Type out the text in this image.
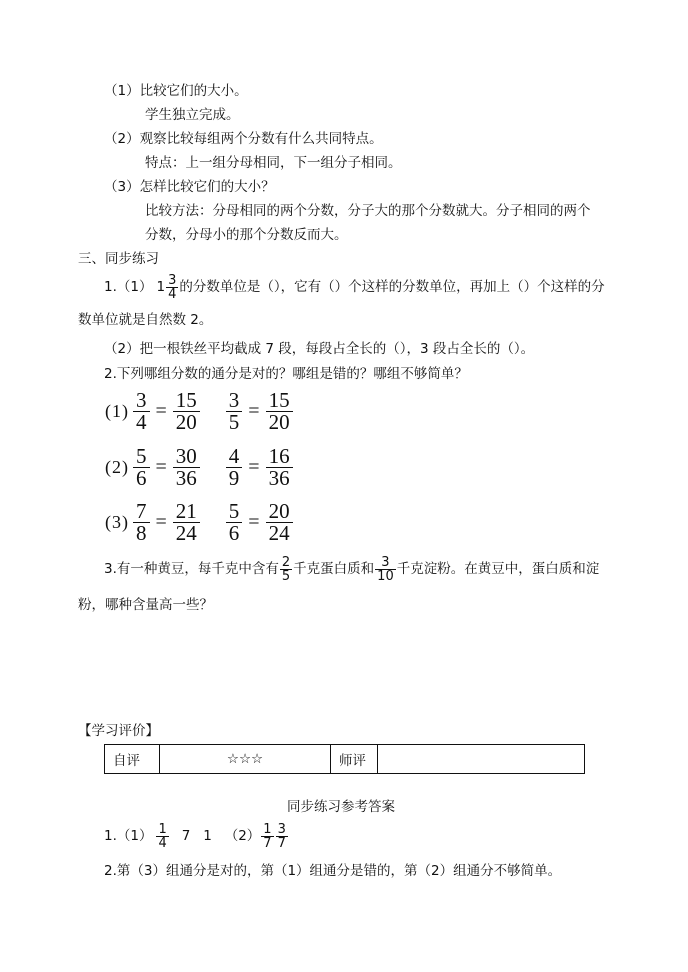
（1）比较它们的大小。
学生独立完成。
（2）观察比较每组两个分数有什么共同特点。
特点：上一组分母相同，下一组分子相同。
（3）怎样比较它们的大小？
比较方法：分母相同的两个分数，分子大的那个分数就大。分子相同的两个
分数，分母小的那个分数反而大。
三、同步练习
1.（1） $1 \frac{3}{4}$ 的分数单位是（），它有（）个这样的分数单位，再加上（）个这样的分
数单位就是自然数 2。
（2）把一根铁丝平均截成 7 段，每段占全长的（），3 段占全长的（）。
2.下列哪组分数的通分是对的？哪组是错的？哪组不够简单？
$(1) \frac{3}{4} = \frac{15}{20} \frac{3}{5} = \frac{15}{20}$
$(2) \frac{5}{6} = \frac{30}{36} \frac{4}{9} = \frac{16}{36}$
$(3) \frac{7}{8} = \frac{21}{24} \frac{5}{6} = \frac{20}{24}$
3.有一种黄豆，每千克中含有 $\frac{2}{5}$ 千克蛋白质和 $\frac{3}{10}$ 千克淀粉。在黄豆中，蛋白质和淀
粉，哪种含量高一些？
【学习评价】
自评	☆☆☆	师评	
同步练习参考答案
$1.(1) \frac{1}{4} 7$   1   $(2) \frac{1}{7} \frac{3}{7}$
2.第（3）组通分是对的，第（1）组通分是错的，第（2）组通分不够简单。
